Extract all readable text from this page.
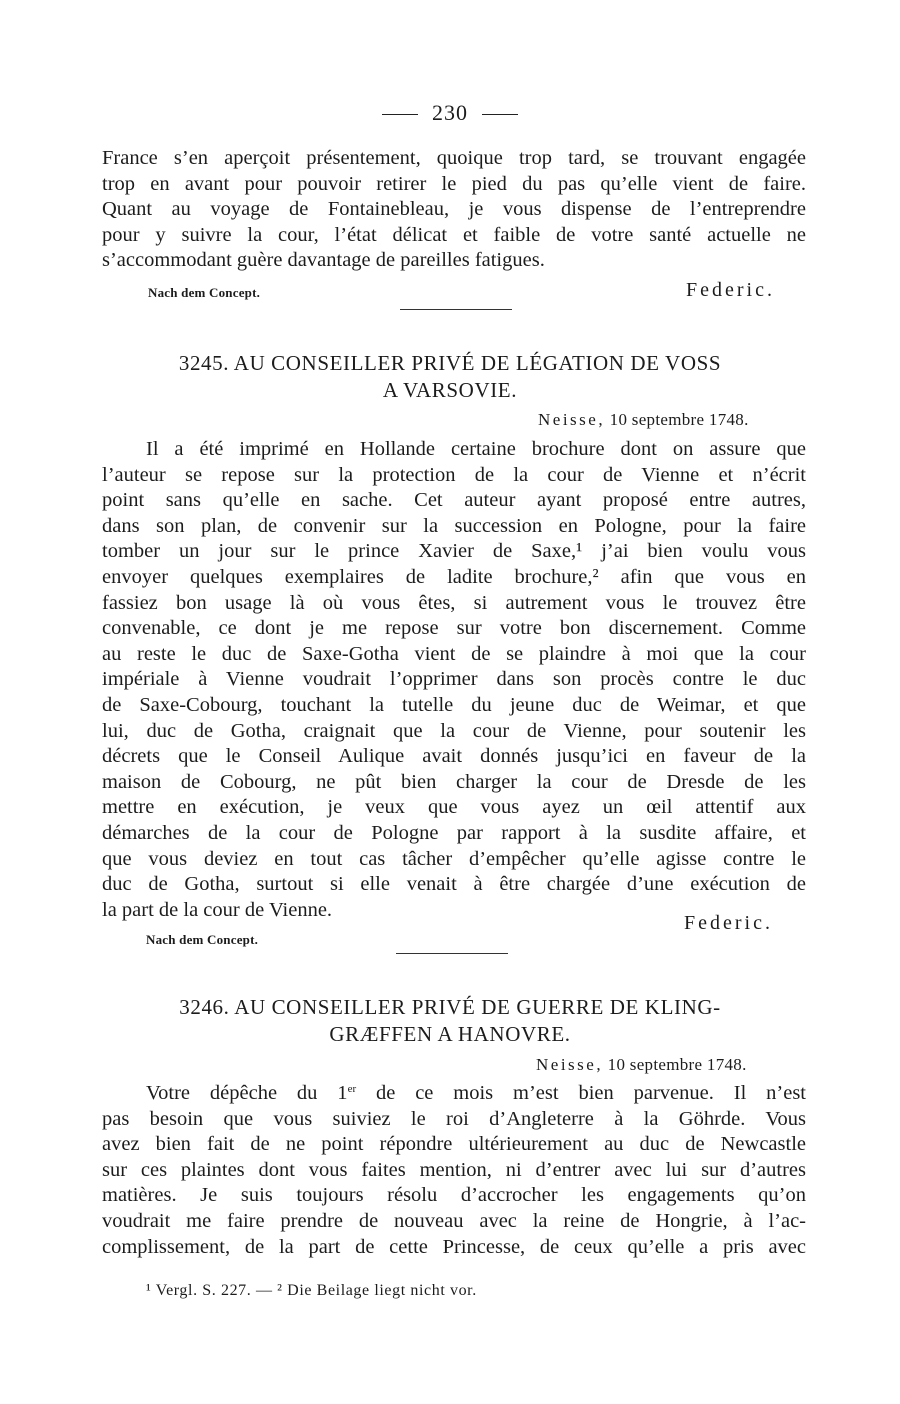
230
France s’en aperçoit présentement, quoique trop tard, se trouvant engagée
trop en avant pour pouvoir retirer le pied du pas qu’elle vient de faire.
Quant au voyage de Fontainebleau, je vous dispense de l’entreprendre
pour y suivre la cour, l’état délicat et faible de votre santé actuelle ne
s’accommodant guère davantage de pareilles fatigues.
Nach dem Concept.	Federic.
3245. AU CONSEILLER PRIVÉ DE LÉGATION DE VOSS
A VARSOVIE.
Neisse, 10 septembre 1748.
Il a été imprimé en Hollande certaine brochure dont on assure que
l’auteur se repose sur la protection de la cour de Vienne et n’écrit
point sans qu’elle en sache. Cet auteur ayant proposé entre autres,
dans son plan, de convenir sur la succession en Pologne, pour la faire
tomber un jour sur le prince Xavier de Saxe,¹ j’ai bien voulu vous
envoyer quelques exemplaires de ladite brochure,² afin que vous en
fassiez bon usage là où vous êtes, si autrement vous le trouvez être
convenable, ce dont je me repose sur votre bon discernement. Comme
au reste le duc de Saxe-Gotha vient de se plaindre à moi que la cour
impériale à Vienne voudrait l’opprimer dans son procès contre le duc
de Saxe-Cobourg, touchant la tutelle du jeune duc de Weimar, et que
lui, duc de Gotha, craignait que la cour de Vienne, pour soutenir les
décrets que le Conseil Aulique avait donnés jusqu’ici en faveur de la
maison de Cobourg, ne pût bien charger la cour de Dresde de les
mettre en exécution, je veux que vous ayez un œil attentif aux
démarches de la cour de Pologne par rapport à la susdite affaire, et
que vous deviez en tout cas tâcher d’empêcher qu’elle agisse contre le
duc de Gotha, surtout si elle venait à être chargée d’une exécution de
la part de la cour de Vienne.
Nach dem Concept.
Federic.
3246. AU CONSEILLER PRIVÉ DE GUERRE DE KLING-
GRÆFFEN A HANOVRE.
Neisse, 10 septembre 1748.
Votre dépêche du 1er de ce mois m’est bien parvenue. Il n’est
pas besoin que vous suiviez le roi d’Angleterre à la Göhrde. Vous
avez bien fait de ne point répondre ultérieurement au duc de Newcastle
sur ces plaintes dont vous faites mention, ni d’entrer avec lui sur d’autres
matières. Je suis toujours résolu d’accrocher les engagements qu’on
voudrait me faire prendre de nouveau avec la reine de Hongrie, à l’ac-
complissement, de la part de cette Princesse, de ceux qu’elle a pris avec
¹ Vergl. S. 227. — ² Die Beilage liegt nicht vor.
